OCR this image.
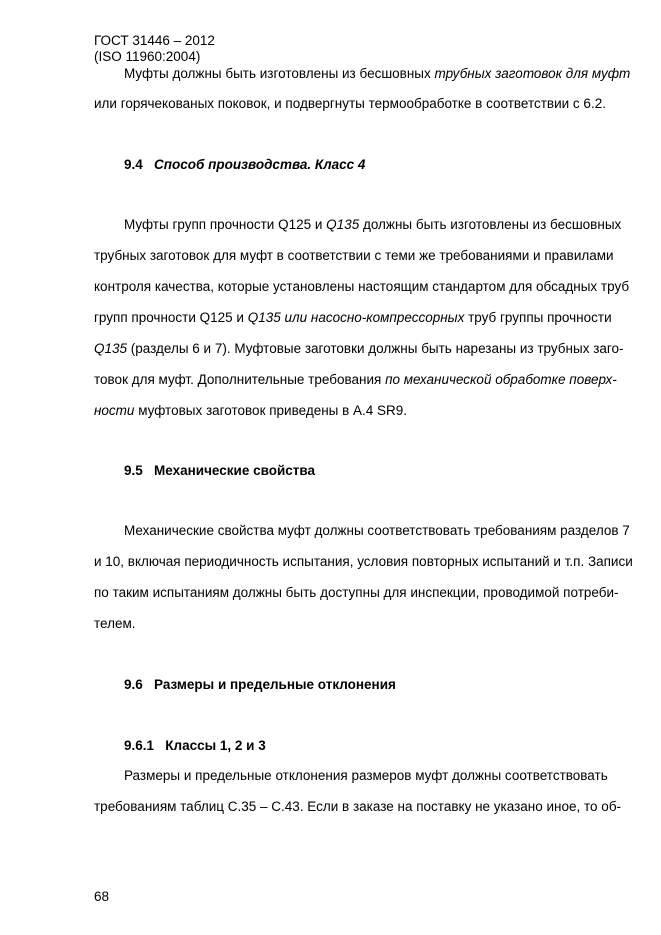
ГОСТ 31446 – 2012
(ISO 11960:2004)
Муфты должны быть изготовлены из бесшовных трубных заготовок для муфт
или горячекованых поковок, и подвергнуты термообработке в соответствии с 6.2.
9.4 Способ производства. Класс 4
Муфты групп прочности Q125 и Q135 должны быть изготовлены из бесшовных
трубных заготовок для муфт в соответствии с теми же требованиями и правилами
контроля качества, которые установлены настоящим стандартом для обсадных труб
групп прочности Q125 и Q135 или насосно-компрессорных труб группы прочности
Q135 (разделы 6 и 7). Муфтовые заготовки должны быть нарезаны из трубных заго-
товок для муфт. Дополнительные требования по механической обработке поверх-
ности муфтовых заготовок приведены в А.4 SR9.
9.5 Механические свойства
Механические свойства муфт должны соответствовать требованиям разделов 7
и 10, включая периодичность испытания, условия повторных испытаний и т.п. Записи
по таким испытаниям должны быть доступны для инспекции, проводимой потреби-
телем.
9.6 Размеры и предельные отклонения
9.6.1 Классы 1, 2 и 3
Размеры и предельные отклонения размеров муфт должны соответствовать
требованиям таблиц С.35 – С.43. Если в заказе на поставку не указано иное, то об-
68
